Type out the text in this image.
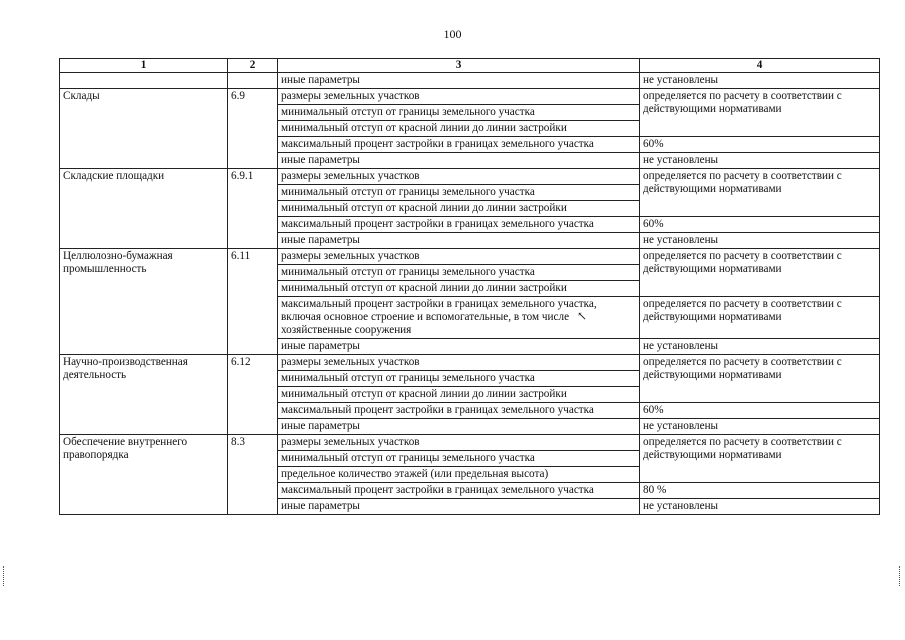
100
1	2	3	4
		иные параметры	не установлены
Склады	6.9	размеры земельных участков	определяется по расчету в соответствии с действующими нормативами
		минимальный отступ от границы земельного участка	
		минимальный отступ от красной линии до линии застройки	
		максимальный процент застройки в границах земельного участка	60%
		иные параметры	не установлены
Складские площадки	6.9.1	размеры земельных участков	определяется по расчету в соответствии с действующими нормативами
		минимальный отступ от границы земельного участка	
		минимальный отступ от красной линии до линии застройки	
		максимальный процент застройки в границах земельного участка	60%
		иные параметры	не установлены
Целлюлозно-бумажная промышленность	6.11	размеры земельных участков	определяется по расчету в соответствии с действующими нормативами
		минимальный отступ от границы земельного участка	
		минимальный отступ от красной линии до линии застройки	
		максимальный процент застройки в границах земельного участка, включая основное строение и вспомогательные, в том числе хозяйственные сооружения	определяется по расчету в соответствии с действующими нормативами
		иные параметры	не установлены
Научно-производственная деятельность	6.12	размеры земельных участков	определяется по расчету в соответствии с действующими нормативами
		минимальный отступ от границы земельного участка	
		минимальный отступ от красной линии до линии застройки	
		максимальный процент застройки в границах земельного участка	60%
		иные параметры	не установлены
Обеспечение внутреннего правопорядка	8.3	размеры земельных участков	определяется по расчету в соответствии с действующими нормативами
		минимальный отступ от границы земельного участка	
		предельное количество этажей (или предельная высота)	
		максимальный процент застройки в границах земельного участка	80 %
		иные параметры	не установлены
↖
